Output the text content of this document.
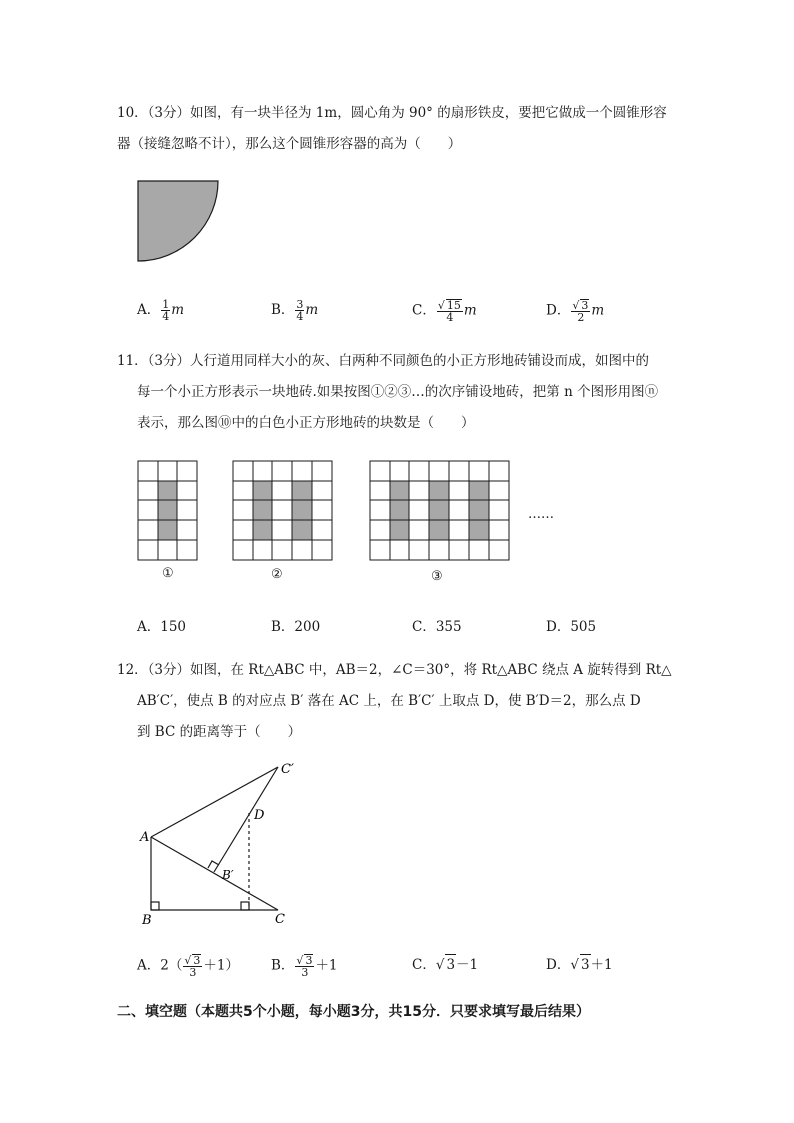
10．（3分）如图，有一块半径为 1m，圆心角为 90° 的扇形铁皮，要把它做成一个圆锥形容
器（接缝忽略不计），那么这个圆锥形容器的高为（　　）
A． $\frac{1}{4}$ m	B． $\frac{3}{4}$ m	C． $\frac{√ 15}{4}$ m	D． $\frac{√ 3}{2}$ m
11．（3分）人行道用同样大小的灰、白两种不同颜色的小正方形地砖铺设而成，如图中的
每一个小正方形表示一块地砖.如果按图①②③…的次序铺设地砖，把第 n 个图形用图ⓝ
表示，那么图⑩中的白色小正方形地砖的块数是（　　）
……
①	②	③
A．150	B．200	C．355	D．505
12．（3分）如图，在 Rt△ABC 中，AB＝2，∠C＝30°，将 Rt△ABC 绕点 A 旋转得到 Rt△
AB′C′，使点 B 的对应点 B′ 落在 AC 上，在 B′C′ 上取点 D，使 B′D＝2，那么点 D
到 BC 的距离等于（　　）
A
B	C
C′
B′
D
A．$2( \frac{√ 3}{3} +1)$ B． $\frac{√ 3}{3} +1$	C．√ 3－1	D．√ 3＋1
二、填空题（本题共5个小题，每小题3分，共15分．只要求填写最后结果）
